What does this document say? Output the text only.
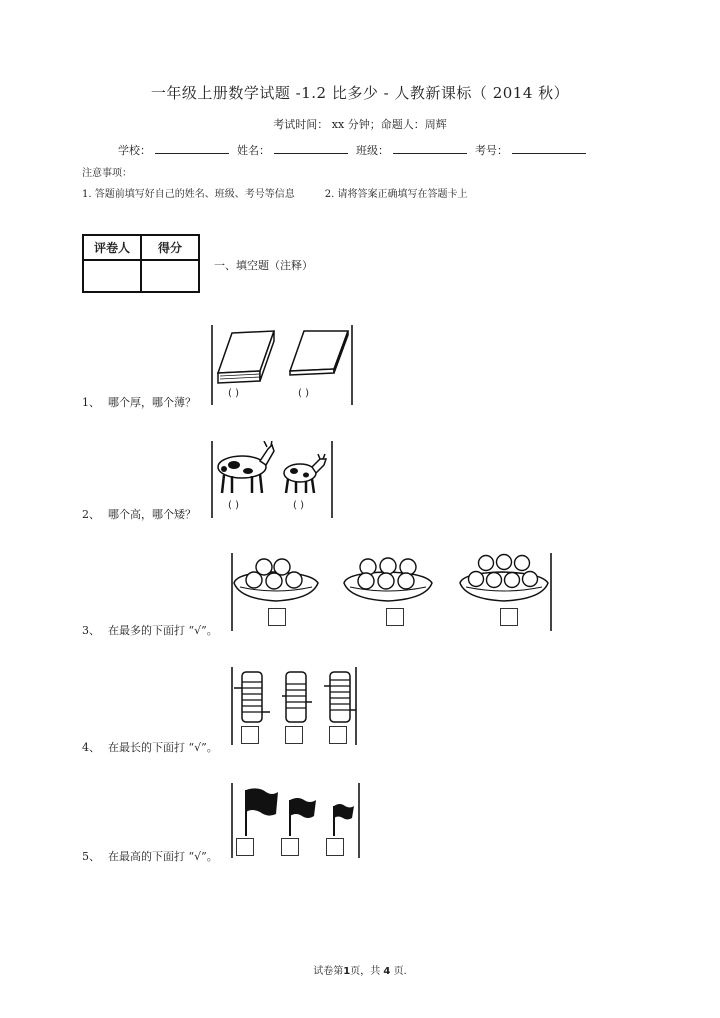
一年级上册数学试题 -1.2 比多少 - 人教新课标（ 2014 秋）
考试时间： xx 分钟；命题人：周辉
学校：	姓名：	班级：	考号：
注意事项：
1. 答题前填写好自己的姓名、班级、考号等信息	2. 请将答案正确填写在答题卡上
评卷人	得分

一、填空题（注释）
( )	( )
1、 哪个厚，哪个薄？
( )	( )
2、 哪个高，哪个矮？
3、 在最多的下面打 “√”。
4、 在最长的下面打 “√”。
5、 在最高的下面打 “√”。
试卷第1页，共 4 页.
